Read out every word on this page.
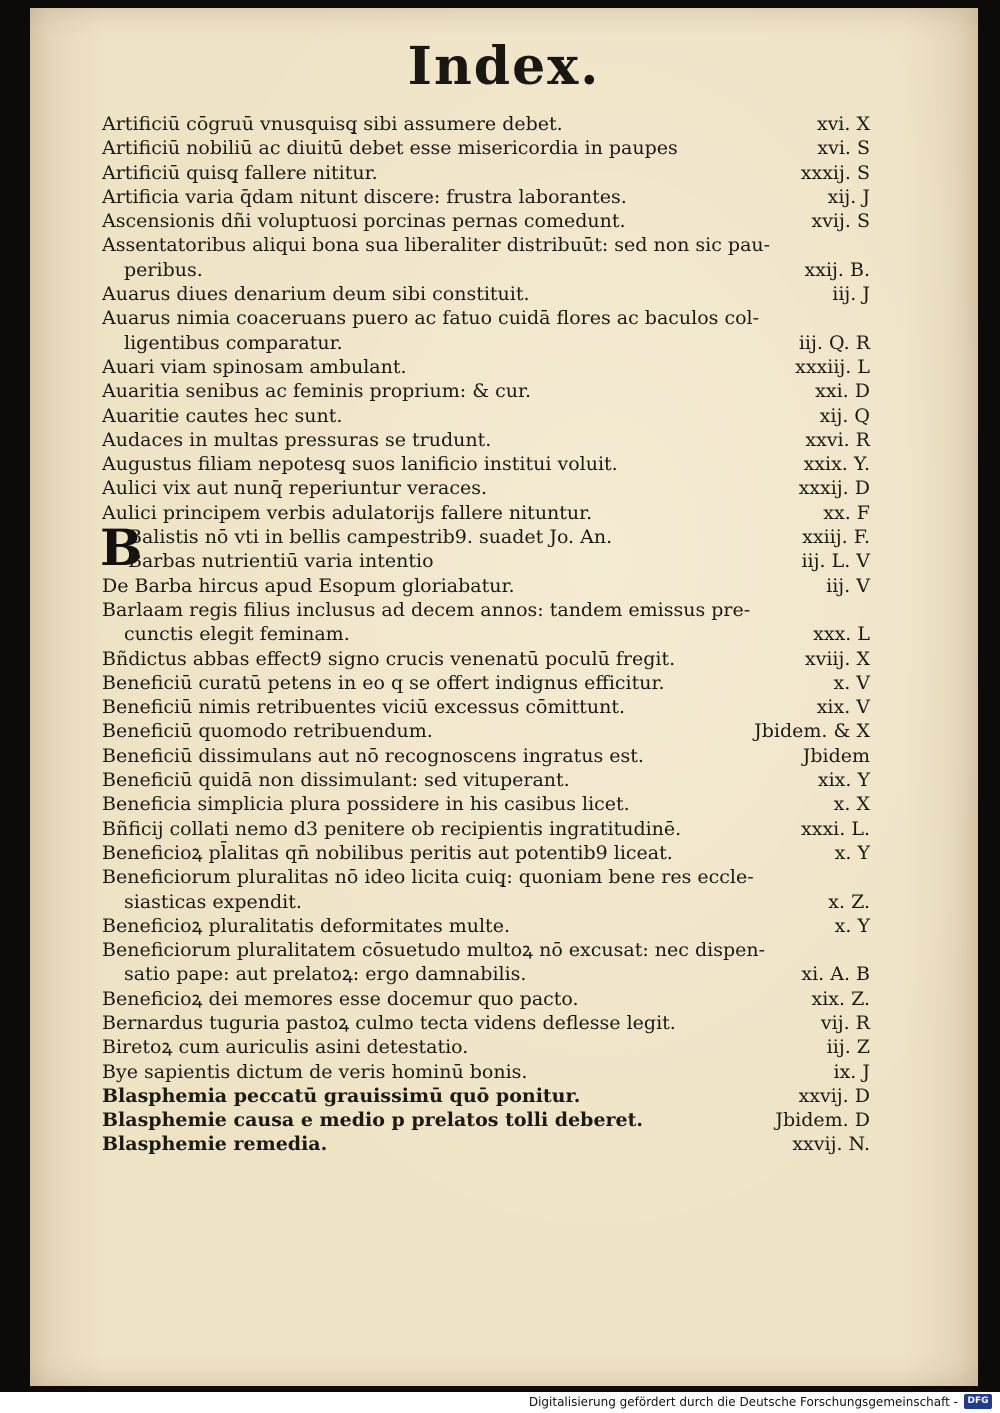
Index.
Artificiū cōgruū vnusquisq̧ sibi assumere debet.	xvi. X
Artificiū nobiliū ac diuitū debet esse misericordia in paupes	xvi. S
Artificiū quisq̧ fallere nititur.	xxxij. S
Artificia varia q̄dam nitunt discere: frustra laborantes.	xij. J
Ascensionis dñi voluptuosi porcinas pernas comedunt.	xvij. S
Assentatoribus aliqui bona sua liberaliter distribuūt: sed non sic pau-
peribus.	xxij. B.
Auarus diues denarium deum sibi constituit.	iij. J
Auarus nimia coaceruans puero ac fatuo cuidā flores ac baculos col-
ligentibus comparatur.	iij. Q. R
Auari viam spinosam ambulant.	xxxiij. L
Auaritia senibus ac feminis proprium: & cur.	xxi. D
Auaritie cautes hec sunt.	xij. Q
Audaces in multas pressuras se trudunt.	xxvi. R
Augustus filiam nepotesq̧ suos lanificio institui voluit.	xxix. Y.
Aulici vix aut nunq̄ reperiuntur veraces.	xxxij. D
Aulici principem verbis adulatorijs fallere nituntur.	xx. F
B
Balistis nō vti in bellis campestrib9. suadet Jo. An.	xxiij. F.
Barbas nutrientiū varia intentio	iij. L. V
De Barba hircus apud Esopum gloriabatur.	iij. V
Barlaam regis filius inclusus ad decem annos: tandem emissus pre-
cunctis elegit feminam.	xxx. L
Bñdictus abbas effect9 signo crucis venenatū poculū fregit.	xviij. X
Beneficiū curatū petens in eo q se offert indignus efficitur.	x. V
Beneficiū nimis retribuentes viciū excessus cōmittunt.	xix. V
Beneficiū quomodo retribuendum.	Jbidem. & X
Beneficiū dissimulans aut nō recognoscens ingratus est.	Jbidem
Beneficiū quidā non dissimulant: sed vituperant.	xix. Y
Beneficia simplicia plura possidere in his casibus licet.	x. X
Bñficij collati nemo d3 penitere ob recipientis ingratitudinē.	xxxi. L.
Beneficioꝝ pl̄alitas qn̄ nobilibus peritis aut potentib9 liceat.	x. Y
Beneficiorum pluralitas nō ideo licita cuiq̧: quoniam bene res eccle-
siasticas expendit.	x. Z.
Beneficioꝝ pluralitatis deformitates multe.	x. Y
Beneficiorum pluralitatem cōsuetudo multoꝝ nō excusat: nec dispen-
satio pape: aut prelatoꝝ: ergo damnabilis.	xi. A. B
Beneficioꝝ dei memores esse docemur quo pacto.	xix. Z.
Bernardus tuguria pastoꝝ culmo tecta videns deflesse legit.	vij. R
Biretoꝝ cum auriculis asini detestatio.	iij. Z
Bye sapientis dictum de veris hominū bonis.	ix. J
Blasphemia peccatū grauissimū quō ponitur.	xxvij. D
Blasphemie causa e medio p prelatos tolli deberet.	Jbidem. D
Blasphemie remedia.	xxvij. N.
Digitalisierung gefördert durch die Deutsche Forschungsgemeinschaft -	DFG
